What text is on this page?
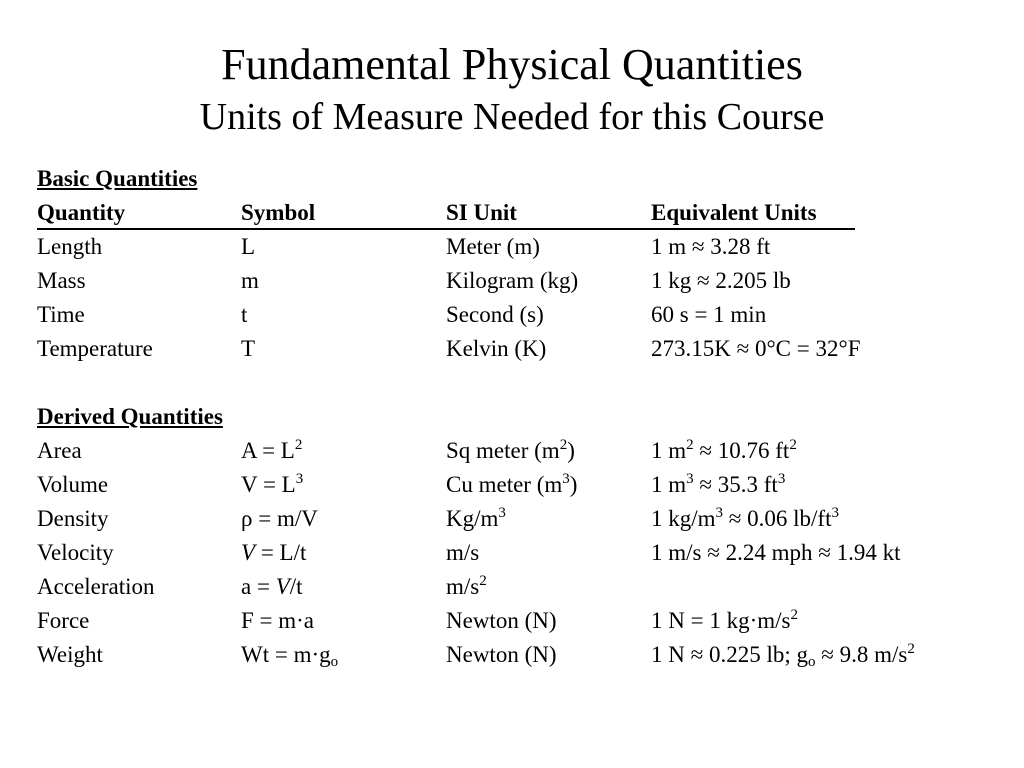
Fundamental Physical Quantities
Units of Measure Needed for this Course
Basic Quantities
Quantity	Symbol	SI Unit	Equivalent Units
Length	L	Meter (m)	1 m ≈ 3.28 ft
Mass	m	Kilogram (kg)	1 kg ≈ 2.205 lb
Time	t	Second (s)	60 s = 1 min
Temperature	T	Kelvin (K)	273.15K ≈ 0°C = 32°F
Derived Quantities
Area	$A = L^2$	Sq meter $(m^2)$	1 $m^2 \approx 10.76$ $ft^2$
Volume	$V = L^3$	Cu meter $(m^3)$	1 $m^3 \approx 35.3$ $ft^3$
Density	ρ = m/V	$Kg/m^3$	1 $kg/m^3 \approx 0.06$ $lb/ft^3$
Velocity	V = L/t	m/s	1 m/s ≈ 2.24 mph ≈ 1.94 kt
Acceleration	a = V/t	$m/s^2$
Force	F = m·a	Newton (N)	1 N = 1 $kg\cdot m/s^2$
Weight	$Wt = m\cdot g_o$	Newton (N)	1 N ≈ 0.225 lb; $g_o \approx 9.8$ $m/s^2$
